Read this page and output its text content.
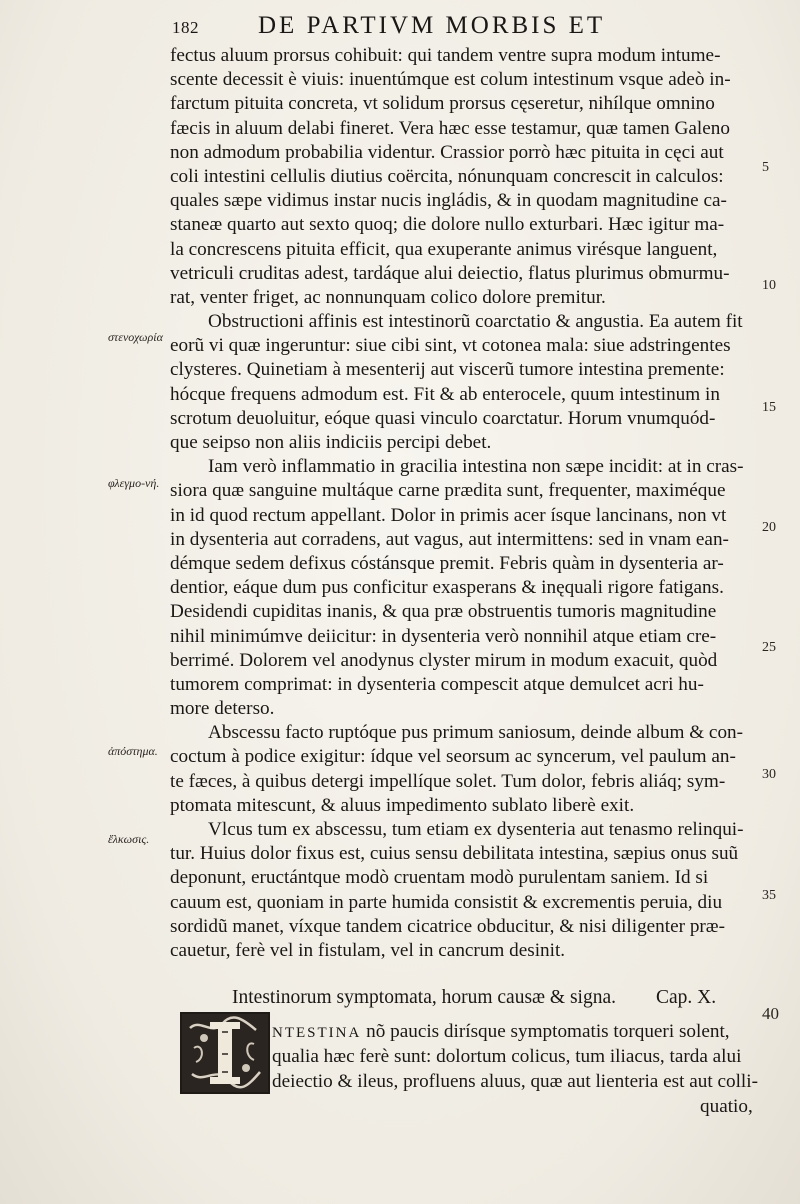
182 DE PARTIVM MORBIS ET
fectus aluum prorsus cohibuit: qui tandem ventre supra modum intume-
scente decessit è viuis: inuentúmque est colum intestinum vsque adeò in-
farctum pituita concreta, vt solidum prorsus cęseretur, nihílque omnino
fæcis in aluum delabi fineret. Vera hæc esse testamur, quæ tamen Galeno
non admodum probabilia videntur. Crassior porrò hæc pituita in cęci aut
coli intestini cellulis diutius coërcita, nónunquam concrescit in calculos:
quales sæpe vidimus instar nucis ingládis, & in quodam magnitudine ca-
staneæ quarto aut sexto quoq; die dolore nullo exturbari. Hæc igitur ma-
la concrescens pituita efficit, qua exuperante animus virésque languent,
vetriculi cruditas adest, tardáque alui deiectio, flatus plurimus obmurmu-
rat, venter friget, ac nonnunquam colico dolore premitur.
Obstructioni affinis est intestinorũ coarctatio & angustia. Ea autem fit
eorũ vi quæ ingeruntur: siue cibi sint, vt cotonea mala: siue adstringentes
clysteres. Quinetiam à mesenterij aut viscerũ tumore intestina premente:
hócque frequens admodum est. Fit & ab enterocele, quum intestinum in
scrotum deuoluitur, eóque quasi vinculo coarctatur. Horum vnumquód-
que seipso non aliis indiciis percipi debet.
Iam verò inflammatio in gracilia intestina non sæpe incidit: at in cras-
siora quæ sanguine multáque carne prædita sunt, frequenter, maximéque
in id quod rectum appellant. Dolor in primis acer ísque lancinans, non vt
in dysenteria aut corradens, aut vagus, aut intermittens: sed in vnam ean-
démque sedem defixus cóstánsque premit. Febris quàm in dysenteria ar-
dentior, eáque dum pus conficitur exasperans & inęquali rigore fatigans.
Desidendi cupiditas inanis, & qua præ obstruentis tumoris magnitudine
nihil minimúmve deiicitur: in dysenteria verò nonnihil atque etiam cre-
berrimé. Dolorem vel anodynus clyster mirum in modum exacuit, quòd
tumorem comprimat: in dysenteria compescit atque demulcet acri hu-
more deterso.
Abscessu facto ruptóque pus primum saniosum, deinde album & con-
coctum à podice exigitur: ídque vel seorsum ac syncerum, vel paulum an-
te fæces, à quibus detergi impellíque solet. Tum dolor, febris aliáq; sym-
ptomata mitescunt, & aluus impedimento sublato liberè exit.
Vlcus tum ex abscessu, tum etiam ex dysenteria aut tenasmo relinqui-
tur. Huius dolor fixus est, cuius sensu debilitata intestina, sæpius onus suũ
deponunt, eructántque modò cruentam modò purulentam saniem. Id si
cauum est, quoniam in parte humida consistit & excrementis peruia, diu
sordidũ manet, víxque tandem cicatrice obducitur, & nisi diligenter præ-
cauetur, ferè vel in fistulam, vel in cancrum desinit.
Intestinorum symptomata, horum causæ & signa. Cap. X.
NTESTINA nõ paucis dirísque symptomatis torqueri solent,
qualia hæc ferè sunt: dolortum colicus, tum iliacus, tarda alui
deiectio & ileus, profluens aluus, quæ aut lienteria est aut colli-
quatio,
στενοχωρία
φλεγμο-νή.
ἀπόστημα.
ἕλκωσις.
5
10
15
20
25
30
35
40
